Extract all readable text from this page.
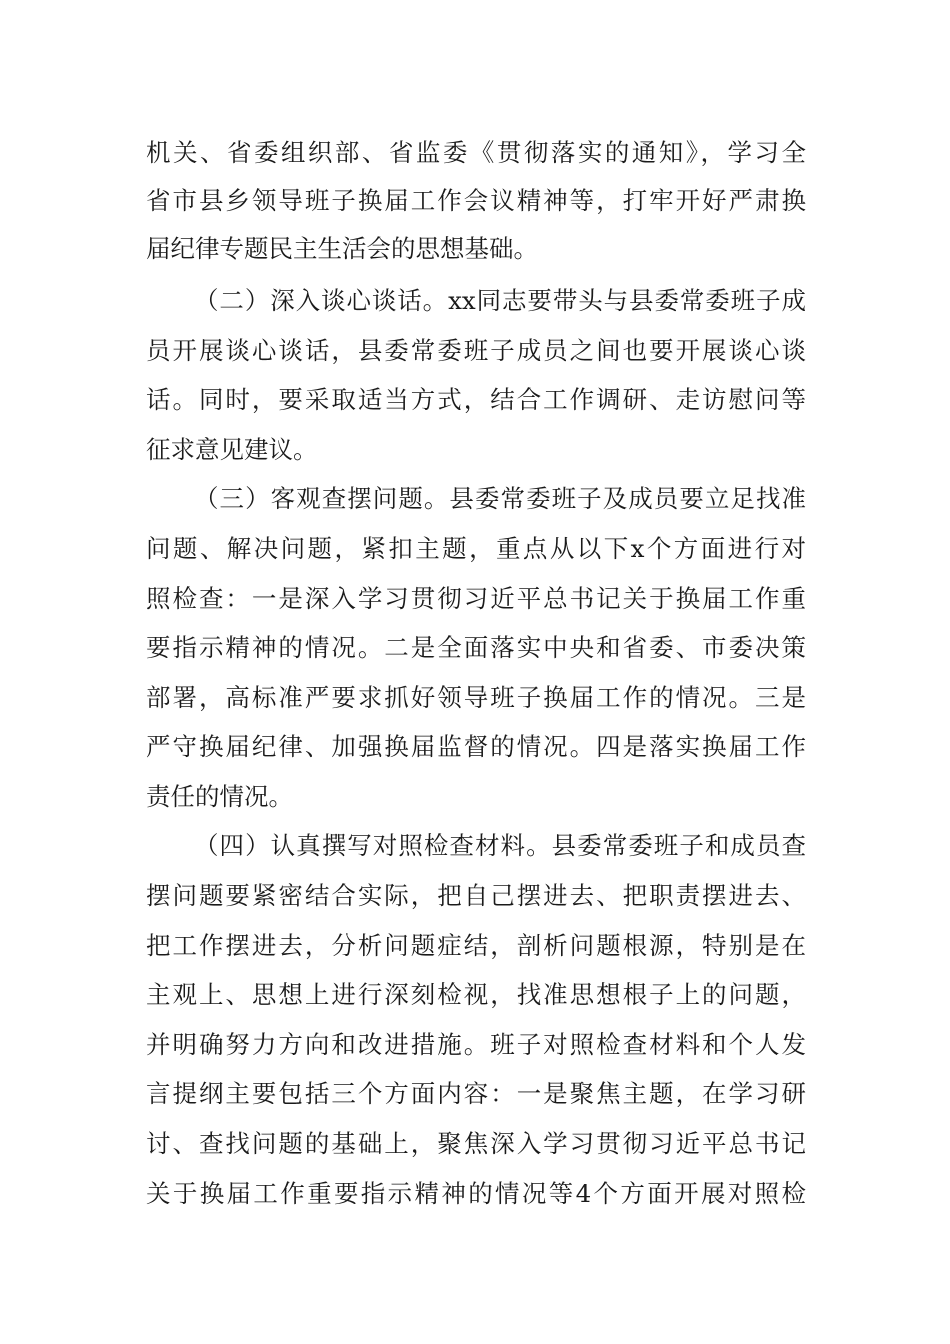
机关、省委组织部、省监委《贯彻落实的通知》，学习全
省市县乡领导班子换届工作会议精神等，打牢开好严肃换
届纪律专题民主生活会的思想基础。
（二）深入谈心谈话。xx同志要带头与县委常委班子成
员开展谈心谈话，县委常委班子成员之间也要开展谈心谈
话。同时，要采取适当方式，结合工作调研、走访慰问等
征求意见建议。
（三）客观查摆问题。县委常委班子及成员要立足找准
问题、解决问题，紧扣主题，重点从以下x个方面进行对
照检查：一是深入学习贯彻习近平总书记关于换届工作重
要指示精神的情况。二是全面落实中央和省委、市委决策
部署，高标准严要求抓好领导班子换届工作的情况。三是
严守换届纪律、加强换届监督的情况。四是落实换届工作
责任的情况。
（四）认真撰写对照检查材料。县委常委班子和成员查
摆问题要紧密结合实际，把自己摆进去、把职责摆进去、
把工作摆进去，分析问题症结，剖析问题根源，特别是在
主观上、思想上进行深刻检视，找准思想根子上的问题，
并明确努力方向和改进措施。班子对照检查材料和个人发
言提纲主要包括三个方面内容：一是聚焦主题，在学习研
讨、查找问题的基础上，聚焦深入学习贯彻习近平总书记
关于换届工作重要指示精神的情况等4个方面开展对照检
